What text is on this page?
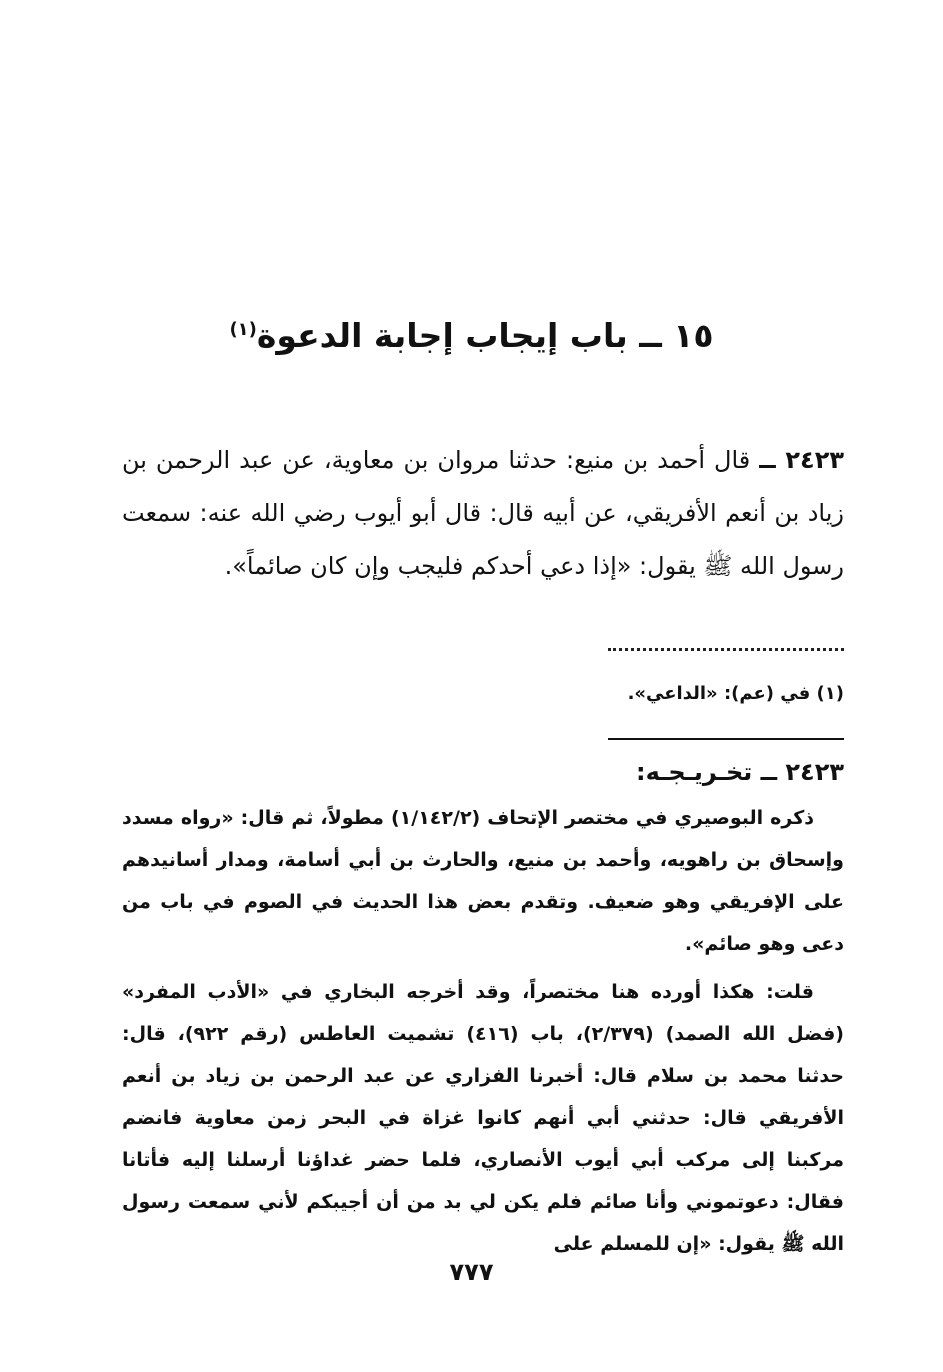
١٥ ــ باب إيجاب إجابة الدعوة$^{(١)}$
٢٤٢٣ ــ قال أحمد بن منيع: حدثنا مروان بن معاوية، عن عبد الرحمن بن زياد بن أنعم الأفريقي، عن أبيه قال: قال أبو أيوب رضي الله عنه: سمعت رسول الله ﷺ يقول: «إذا دعي أحدكم فليجب وإن كان صائماً».
(١) في (عم): «الداعي».
٢٤٢٣ ــ تخـريـجـه:

ذكره البوصيري في مختصر الإتحاف (١/١٤٢/٢) مطولاً، ثم قال: «رواه مسدد وإسحاق بن راهويه، وأحمد بن منيع، والحارث بن أبي أسامة، ومدار أسانيدهم على الإفريقي وهو ضعيف. وتقدم بعض هذا الحديث في الصوم في باب من دعى وهو صائم».

قلت: هكذا أورده هنا مختصراً، وقد أخرجه البخاري في «الأدب المفرد» (فضل الله الصمد) (٢/٣٧٩)، باب (٤١٦) تشميت العاطس (رقم ٩٢٢)، قال: حدثنا محمد بن سلام قال: أخبرنا الفزاري عن عبد الرحمن بن زياد بن أنعم الأفريقي قال: حدثني أبي أنهم كانوا غزاة في البحر زمن معاوية فانضم مركبنا إلى مركب أبي أيوب الأنصاري، فلما حضر غداؤنا أرسلنا إليه فأتانا فقال: دعوتموني وأنا صائم فلم يكن لي بد من أن أجيبكم لأني سمعت رسول الله ﷺ يقول: «إن للمسلم على

٧٧٧
